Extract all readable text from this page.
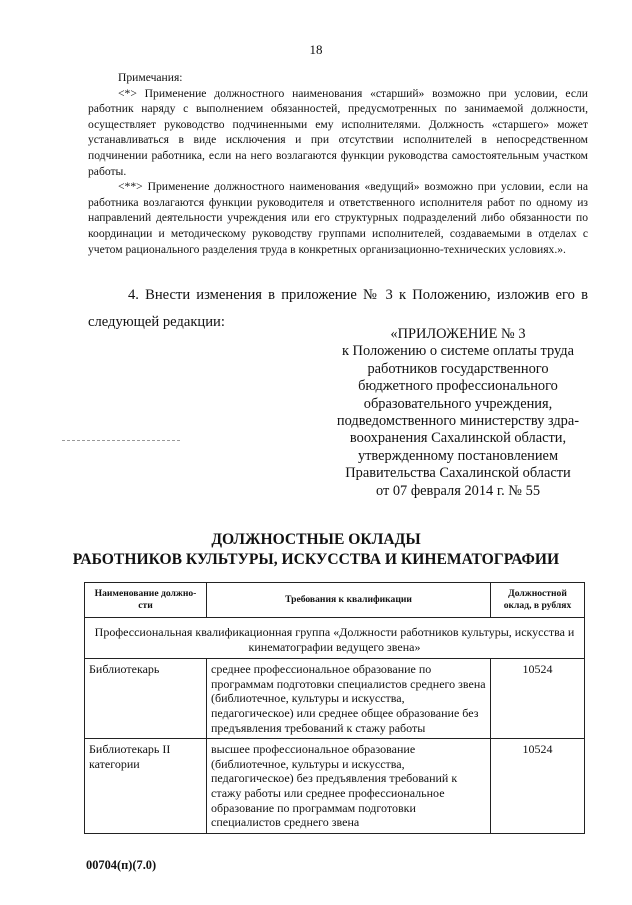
18

Примечания:

<*> Применение должностного наименования «старший» возможно при условии, если работник наряду с выполнением обязанностей, предусмотренных по занимаемой должности, осуществляет руководство подчиненными ему исполнителями. Должность «старшего» может устанавливаться в виде исключения и при отсутствии исполнителей в непосредственном подчинении работника, если на него возлагаются функции руководства самостоятельным участком работы.

<**> Применение должностного наименования «ведущий» возможно при условии, если на работника возлагаются функции руководителя и ответственного исполнителя работ по одному из направлений деятельности учреждения или его структурных подразделений либо обязанности по координации и методическому руководству группами исполнителей, создаваемыми в отделах с учетом рационального разделения труда в конкретных организационно-технических условиях.».

4. Внести изменения в приложение № 3 к Положению, изложив его в следующей редакции:

«ПРИЛОЖЕНИЕ № 3
к Положению о системе оплаты труда
работников государственного
бюджетного профессионального
образовательного учреждения,
подведомственного министерству здра-
воохранения Сахалинской области,
утвержденному постановлением
Правительства Сахалинской области
от 07 февраля 2014 г. № 55
ДОЛЖНОСТНЫЕ ОКЛАДЫ
РАБОТНИКОВ КУЛЬТУРЫ, ИСКУССТВА И КИНЕМАТОГРАФИИ
Наименование должно-сти	Требования к квалификации	Должностной оклад, в рублях
Профессиональная квалификационная группа «Должности работников культуры, искусства и кинематографии ведущего звена»		
Библиотекарь	среднее профессиональное образование по программам подготовки специалистов среднего звена (библиотечное, культуры и искусства, педагогическое) или среднее общее образование без предъявления требований к стажу работы	10524
Библиотекарь II категории	высшее профессиональное образование (библиотечное, культуры и искусства, педагогическое) без предъявления требований к стажу работы или среднее профессиональное образование по программам подготовки специалистов среднего звена	10524
00704(п)(7.0)
